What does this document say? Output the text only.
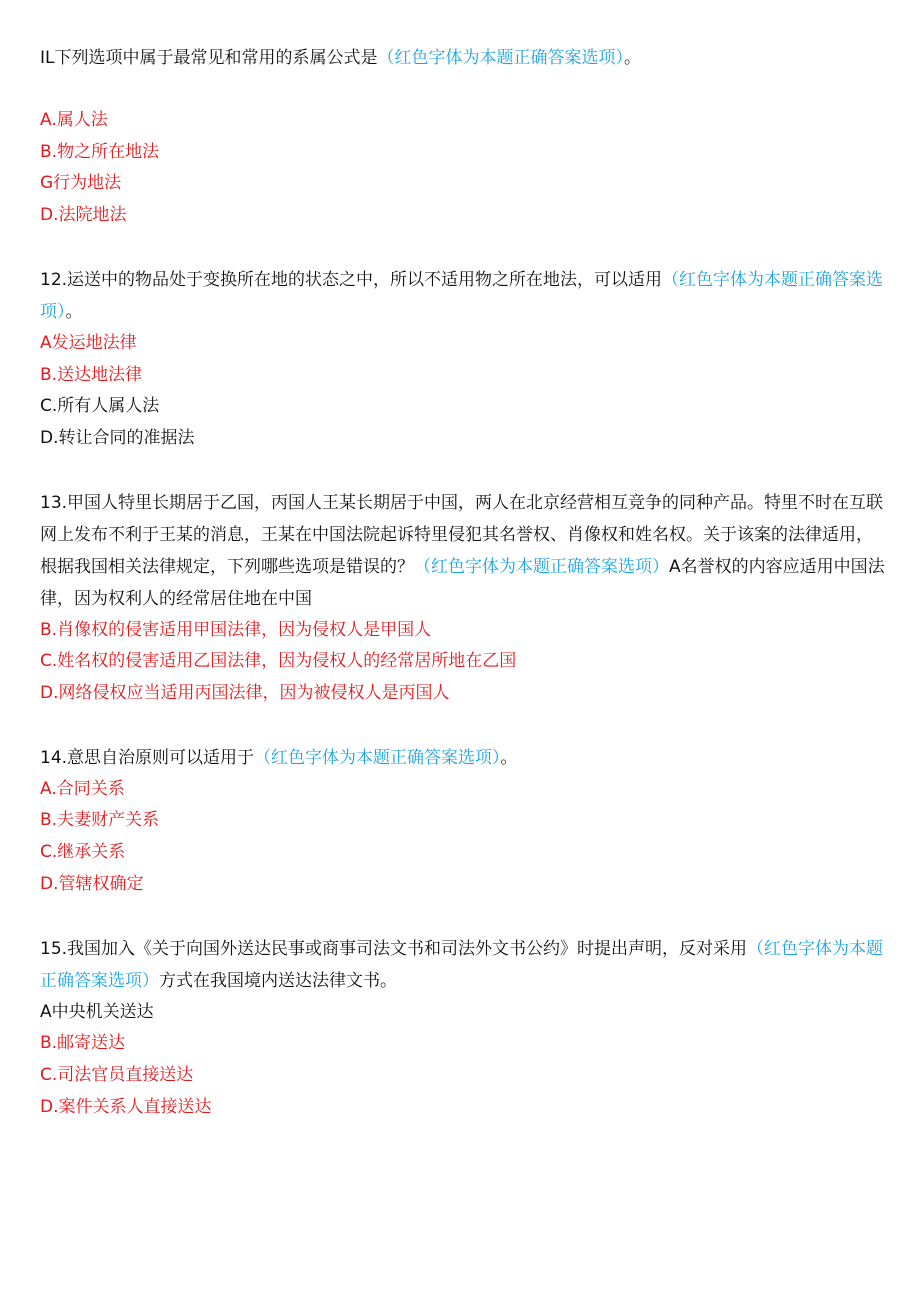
IL下列选项中属于最常见和常用的系属公式是（红色字体为本题正确答案选项）。

A.属人法

B.物之所在地法

G行为地法

D.法院地法

12.运送中的物品处于变换所在地的状态之中，所以不适用物之所在地法，可以适用（红色字体为本题正确答案选项）。

A发运地法律

B.送达地法律

C.所有人属人法

D.转让合同的准据法

13.甲国人特里长期居于乙国，丙国人王某长期居于中国，两人在北京经营相互竞争的同种产品。特里不时在互联网上发布不利于王某的消息，王某在中国法院起诉特里侵犯其名誉权、肖像权和姓名权。关于该案的法律适用，根据我国相关法律规定，下列哪些选项是错误的？（红色字体为本题正确答案选项）A名誉权的内容应适用中国法律，因为权利人的经常居住地在中国

B.肖像权的侵害适用甲国法律，因为侵权人是甲国人

C.姓名权的侵害适用乙国法律，因为侵权人的经常居所地在乙国

D.网络侵权应当适用丙国法律，因为被侵权人是丙国人

14.意思自治原则可以适用于（红色字体为本题正确答案选项）。

A.合同关系

B.夫妻财产关系

C.继承关系

D.管辖权确定

15.我国加入《关于向国外送达民事或商事司法文书和司法外文书公约》时提出声明，反对采用（红色字体为本题正确答案选项）方式在我国境内送达法律文书。

A中央机关送达

B.邮寄送达

C.司法官员直接送达

D.案件关系人直接送达
